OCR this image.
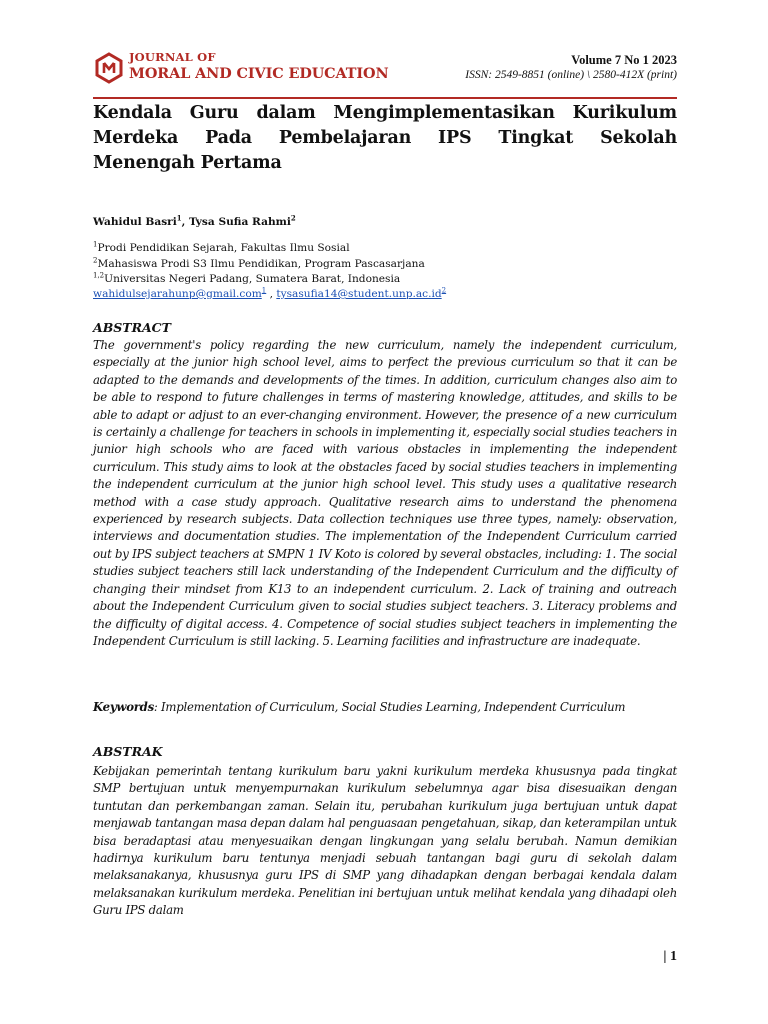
JOURNAL OF
MORAL AND CIVIC EDUCATION
Volume 7 No 1 2023
ISSN: 2549-8851 (online) \ 2580-412X (print)
Kendala Guru dalam Mengimplementasikan Kurikulum Merdeka Pada Pembelajaran IPS Tingkat Sekolah Menengah Pertama
Wahidul Basri$^1$, Tysa Sufia Rahmi$^2$
$^1$Prodi Pendidikan Sejarah, Fakultas Ilmu Sosial
$^2$Mahasiswa Prodi S3 Ilmu Pendidikan, Program Pascasarjana
$^{1,2}$Universitas Negeri Padang, Sumatera Barat, Indonesia
wahidulsejarahunp@gmail.com$^1$ , $tysasufia14@student.unp.ac.id^2$
ABSTRACT

The government's policy regarding the new curriculum, namely the independent curriculum, especially at the junior high school level, aims to perfect the previous curriculum so that it can be adapted to the demands and developments of the times. In addition, curriculum changes also aim to be able to respond to future challenges in terms of mastering knowledge, attitudes, and skills to be able to adapt or adjust to an ever-changing environment. However, the presence of a new curriculum is certainly a challenge for teachers in schools in implementing it, especially social studies teachers in junior high schools who are faced with various obstacles in implementing the independent curriculum. This study aims to look at the obstacles faced by social studies teachers in implementing the independent curriculum at the junior high school level. This study uses a qualitative research method with a case study approach. Qualitative research aims to understand the phenomena experienced by research subjects. Data collection techniques use three types, namely: observation, interviews and documentation studies. The implementation of the Independent Curriculum carried out by IPS subject teachers at SMPN 1 IV Koto is colored by several obstacles, including: 1. The social studies subject teachers still lack understanding of the Independent Curriculum and the difficulty of changing their mindset from K13 to an independent curriculum. 2. Lack of training and outreach about the Independent Curriculum given to social studies subject teachers. 3. Literacy problems and the difficulty of digital access. 4. Competence of social studies subject teachers in implementing the Independent Curriculum is still lacking. 5. Learning facilities and infrastructure are inadequate.

Keywords: Implementation of Curriculum, Social Studies Learning, Independent Curriculum

ABSTRAK

Kebijakan pemerintah tentang kurikulum baru yakni kurikulum merdeka khususnya pada tingkat SMP bertujuan untuk menyempurnakan kurikulum sebelumnya agar bisa disesuaikan dengan tuntutan dan perkembangan zaman. Selain itu, perubahan kurikulum juga bertujuan untuk dapat menjawab tantangan masa depan dalam hal penguasaan pengetahuan, sikap, dan keterampilan untuk bisa beradaptasi atau menyesuaikan dengan lingkungan yang selalu berubah. Namun demikian hadirnya kurikulum baru tentunya menjadi sebuah tantangan bagi guru di sekolah dalam melaksanakanya, khususnya guru IPS di SMP yang dihadapkan dengan berbagai kendala dalam melaksanakan kurikulum merdeka. Penelitian ini bertujuan untuk melihat kendala yang dihadapi oleh Guru IPS dalam

| 1
